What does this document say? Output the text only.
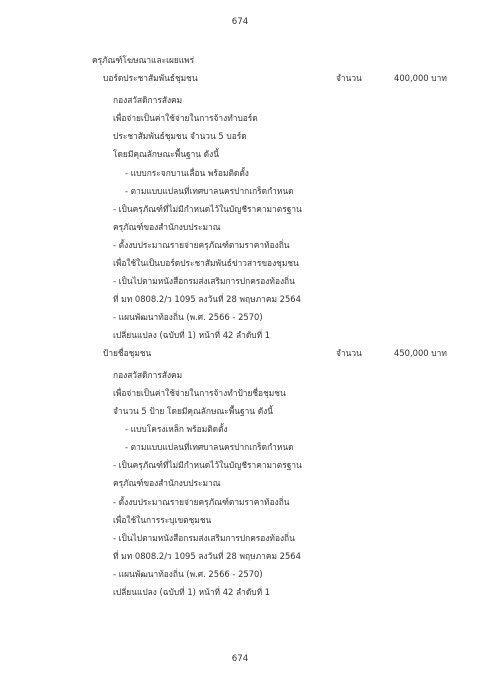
674
ครุภัณฑ์โฆษณาและเผยแพร่
บอร์ดประชาสัมพันธ์ชุมชน	จำนวน	400,000 บาท
กองสวัสดิการสังคม
เพื่อจ่ายเป็นค่าใช้จ่ายในการจ้างทำบอร์ด
ประชาสัมพันธ์ชุมชน จำนวน 5 บอร์ด
โดยมีคุณลักษณะพื้นฐาน ดังนี้
- แบบกระจกบานเลื่อน พร้อมติดตั้ง
- ตามแบบแปลนที่เทศบาลนครปากเกร็ดกำหนด
- เป็นครุภัณฑ์ที่ไม่มีกำหนดไว้ในบัญชีราคามาตรฐาน
ครุภัณฑ์ของสำนักงบประมาณ
- ตั้งงบประมาณรายจ่ายครุภัณฑ์ตามราคาท้องถิ่น
เพื่อใช้ในเป็นบอร์ดประชาสัมพันธ์ข่าวสารของชุมชน
- เป็นไปตามหนังสือกรมส่งเสริมการปกครองท้องถิ่น
ที่ มท 0808.2/ว 1095 ลงวันที่ 28 พฤษภาคม 2564
- แผนพัฒนาท้องถิ่น (พ.ศ. 2566 - 2570)
เปลี่ยนแปลง (ฉบับที่ 1) หน้าที่ 42 ลำดับที่ 1
ป้ายชื่อชุมชน	จำนวน	450,000 บาท
กองสวัสดิการสังคม
เพื่อจ่ายเป็นค่าใช้จ่ายในการจ้างทำป้ายชื่อชุมชน
จำนวน 5 ป้าย โดยมีคุณลักษณะพื้นฐาน ดังนี้
- แบบโครงเหล็ก พร้อมติดตั้ง
- ตามแบบแปลนที่เทศบาลนครปากเกร็ดกำหนด
- เป็นครุภัณฑ์ที่ไม่มีกำหนดไว้ในบัญชีราคามาตรฐาน
ครุภัณฑ์ของสำนักงบประมาณ
- ตั้งงบประมาณรายจ่ายครุภัณฑ์ตามราคาท้องถิ่น
เพื่อใช้ในการระบุเขตชุมชน
- เป็นไปตามหนังสือกรมส่งเสริมการปกครองท้องถิ่น
ที่ มท 0808.2/ว 1095 ลงวันที่ 28 พฤษภาคม 2564
- แผนพัฒนาท้องถิ่น (พ.ศ. 2566 - 2570)
เปลี่ยนแปลง (ฉบับที่ 1) หน้าที่ 42 ลำดับที่ 1
674
